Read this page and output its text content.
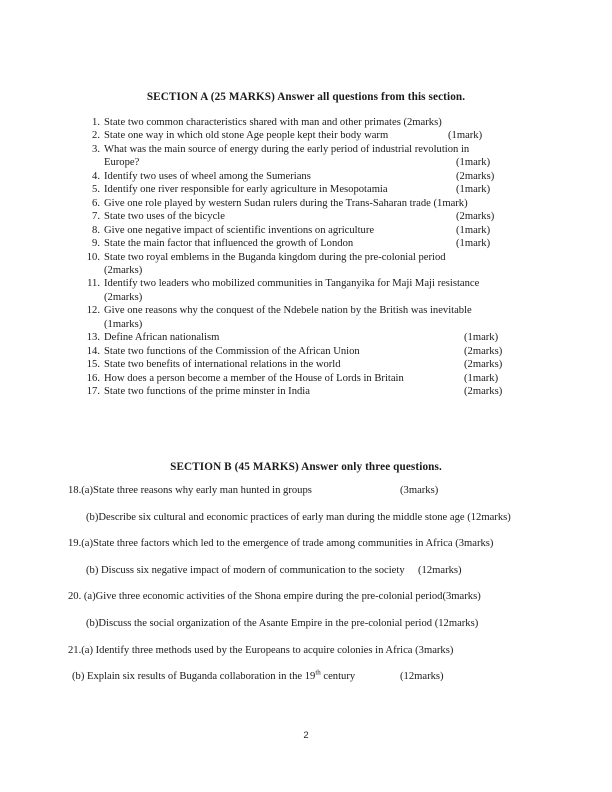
SECTION A (25 MARKS) Answer all questions from this section.
1. State two common characteristics shared with man and other primates (2marks)
2. State one way in which old stone Age people kept their body warm	(1mark)
3. What was the main source of energy during the early period of industrial revolution in
Europe?	(1mark)
4. Identify two uses of wheel among the Sumerians	(2marks)
5. Identify one river responsible for early agriculture in Mesopotamia	(1mark)
6. Give one role played by western Sudan rulers during the Trans-Saharan trade (1mark)
7. State two uses of the bicycle	(2marks)
8. Give one negative impact of scientific inventions on agriculture	(1mark)
9. State the main factor that influenced the growth of London	(1mark)
10. State two royal emblems in the Buganda kingdom during the pre-colonial period
(2marks)
11. Identify two leaders who mobilized communities in Tanganyika for Maji Maji resistance
(2marks)
12. Give one reasons why the conquest of the Ndebele nation by the British was inevitable
(1marks)
13. Define African nationalism	(1mark)
14. State two functions of the Commission of the African Union	(2marks)
15. State two benefits of international relations in the world	(2marks)
16. How does a person become a member of the House of Lords in Britain	(1mark)
17. State two functions of the prime minster in India	(2marks)
SECTION B (45 MARKS) Answer only three questions.
18.(a)State three reasons why early man hunted in groups	(3marks)
(b)Describe six cultural and economic practices of early man during the middle stone age (12marks)
19.(a)State three factors which led to the emergence of trade among communities in Africa (3marks)
(b) Discuss six negative impact of modern of communication to the society (12marks)
20. (a)Give three economic activities of the Shona empire during the pre-colonial period(3marks)
(b)Discuss the social organization of the Asante Empire in the pre-colonial period (12marks)
21.(a) Identify three methods used by the Europeans to acquire colonies in Africa (3marks)
(b) Explain six results of Buganda collaboration in the 19th century	(12marks)
2
